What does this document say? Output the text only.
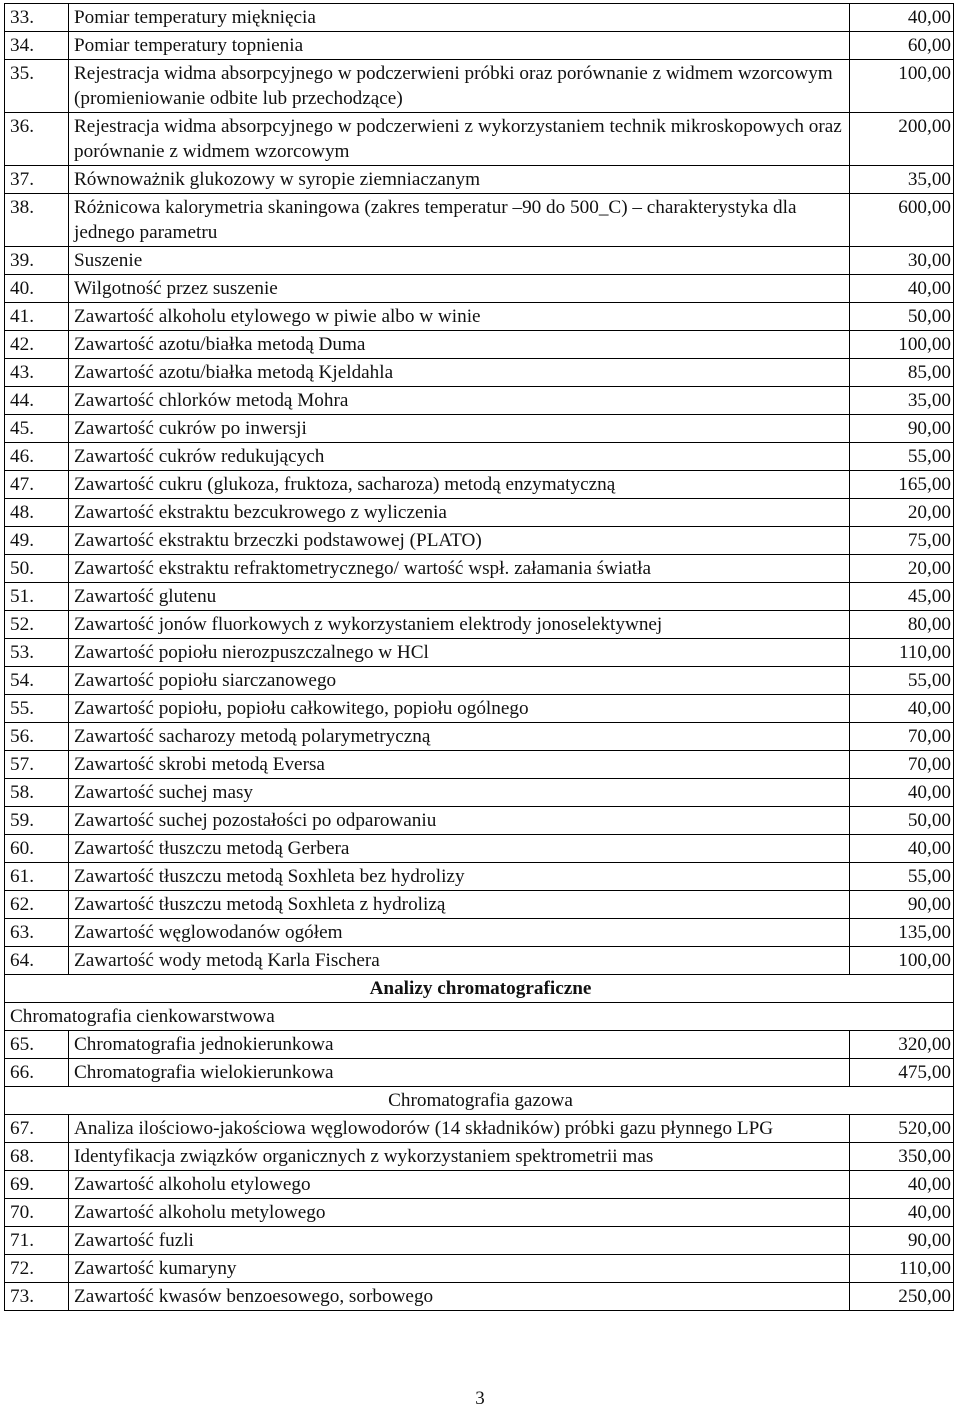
33.	Pomiar temperatury mięknięcia	40,00
34.	Pomiar temperatury topnienia	60,00
35.	Rejestracja widma absorpcyjnego w podczerwieni próbki oraz porównanie z widmem wzorcowym (promieniowanie odbite lub przechodzące)	100,00
36.	Rejestracja widma absorpcyjnego w podczerwieni z wykorzystaniem technik mikroskopowych oraz porównanie z widmem wzorcowym	200,00
37.	Równoważnik glukozowy w syropie ziemniaczanym	35,00
38.	Różnicowa kalorymetria skaningowa (zakres temperatur –90 do 500_C) – charakterystyka dla jednego parametru	600,00
39.	Suszenie	30,00
40.	Wilgotność przez suszenie	40,00
41.	Zawartość alkoholu etylowego w piwie albo w winie	50,00
42.	Zawartość azotu/białka metodą Duma	100,00
43.	Zawartość azotu/białka metodą Kjeldahla	85,00
44.	Zawartość chlorków metodą Mohra	35,00
45.	Zawartość cukrów po inwersji	90,00
46.	Zawartość cukrów redukujących	55,00
47.	Zawartość cukru (glukoza, fruktoza, sacharoza) metodą enzymatyczną	165,00
48.	Zawartość ekstraktu bezcukrowego z wyliczenia	20,00
49.	Zawartość ekstraktu brzeczki podstawowej (PLATO)	75,00
50.	Zawartość ekstraktu refraktometrycznego/ wartość wspł. załamania światła	20,00
51.	Zawartość glutenu	45,00
52.	Zawartość jonów fluorkowych z wykorzystaniem elektrody jonoselektywnej	80,00
53.	Zawartość popiołu nierozpuszczalnego w HCl	110,00
54.	Zawartość popiołu siarczanowego	55,00
55.	Zawartość popiołu, popiołu całkowitego, popiołu ogólnego	40,00
56.	Zawartość sacharozy metodą polarymetryczną	70,00
57.	Zawartość skrobi metodą Eversa	70,00
58.	Zawartość suchej masy	40,00
59.	Zawartość suchej pozostałości po odparowaniu	50,00
60.	Zawartość tłuszczu metodą Gerbera	40,00
61.	Zawartość tłuszczu metodą Soxhleta bez hydrolizy	55,00
62.	Zawartość tłuszczu metodą Soxhleta z hydrolizą	90,00
63.	Zawartość węglowodanów ogółem	135,00
64.	Zawartość wody metodą Karla Fischera	100,00
Analizy chromatograficzne		
Chromatografia cienkowarstwowa		
65.	Chromatografia jednokierunkowa	320,00
66.	Chromatografia wielokierunkowa	475,00
Chromatografia gazowa		
67.	Analiza ilościowo-jakościowa węglowodorów (14 składników) próbki gazu płynnego LPG	520,00
68.	Identyfikacja związków organicznych z wykorzystaniem spektrometrii mas	350,00
69.	Zawartość alkoholu etylowego	40,00
70.	Zawartość alkoholu metylowego	40,00
71.	Zawartość fuzli	90,00
72.	Zawartość kumaryny	110,00
73.	Zawartość kwasów benzoesowego, sorbowego	250,00
3
